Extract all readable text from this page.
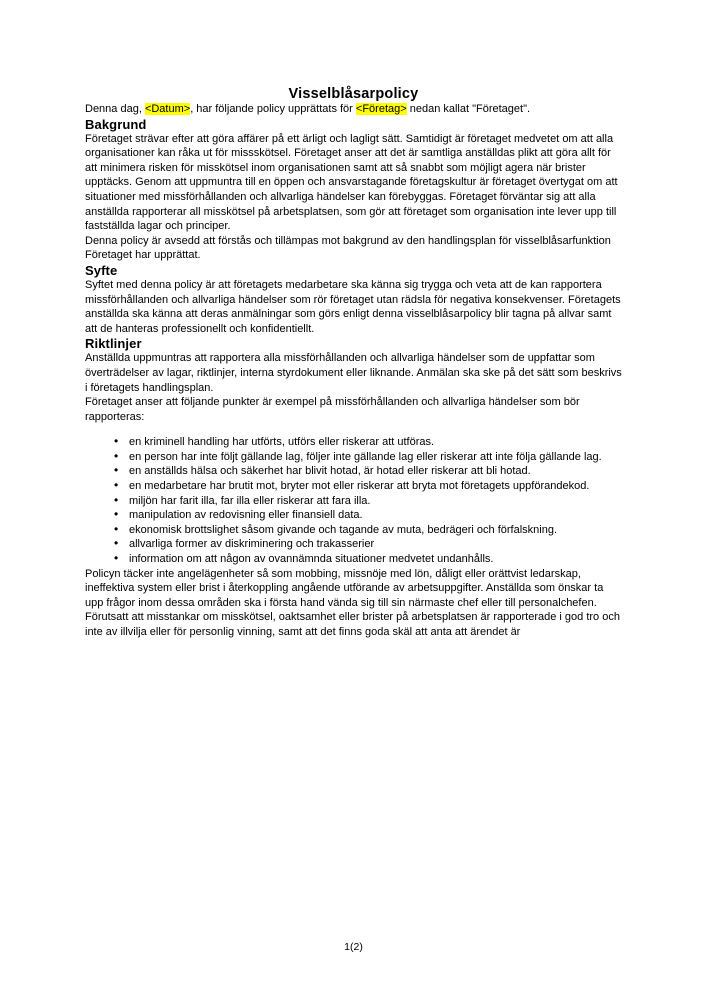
Visselblåsarpolicy

Denna dag, <Datum>, har följande policy upprättats för <Företag> nedan kallat "Företaget".

Bakgrund

Företaget strävar efter att göra affärer på ett ärligt och lagligt sätt. Samtidigt är företaget medvetet om att alla organisationer kan råka ut för missskötsel. Företaget anser att det är samtliga anställdas plikt att göra allt för att minimera risken för misskötsel inom organisationen samt att så snabbt som möjligt agera när brister upptäcks. Genom att uppmuntra till en öppen och ansvarstagande företagskultur är företaget övertygat om att situationer med missförhållanden och allvarliga händelser kan förebyggas. Företaget förväntar sig att alla anställda rapporterar all misskötsel på arbetsplatsen, som gör att företaget som organisation inte lever upp till fastställda lagar och principer.

Denna policy är avsedd att förstås och tillämpas mot bakgrund av den handlingsplan för visselblåsarfunktion Företaget har upprättat.

Syfte

Syftet med denna policy är att företagets medarbetare ska känna sig trygga och veta att de kan rapportera missförhållanden och allvarliga händelser som rör företaget utan rädsla för negativa konsekvenser. Företagets anställda ska känna att deras anmälningar som görs enligt denna visselblåsarpolicy blir tagna på allvar samt att de hanteras professionellt och konfidentiellt.

Riktlinjer

Anställda uppmuntras att rapportera alla missförhållanden och allvarliga händelser som de uppfattar som överträdelser av lagar, riktlinjer, interna styrdokument eller liknande. Anmälan ska ske på det sätt som beskrivs i företagets handlingsplan.

Företaget anser att följande punkter är exempel på missförhållanden och allvarliga händelser som bör rapporteras:

• en kriminell handling har utförts, utförs eller riskerar att utföras.
• en person har inte följt gällande lag, följer inte gällande lag eller riskerar att inte följa gällande lag.
• en anställds hälsa och säkerhet har blivit hotad, är hotad eller riskerar att bli hotad.
• en medarbetare har brutit mot, bryter mot eller riskerar att bryta mot företagets uppförandekod.
• miljön har farit illa, far illa eller riskerar att fara illa.
• manipulation av redovisning eller finansiell data.
• ekonomisk brottslighet såsom givande och tagande av muta, bedrägeri och förfalskning.
• allvarliga former av diskriminering och trakasserier
• information om att någon av ovannämnda situationer medvetet undanhålls.

Policyn täcker inte angelägenheter så som mobbing, missnöje med lön, dåligt eller orättvist ledarskap, ineffektiva system eller brist i återkoppling angående utförande av arbetsuppgifter. Anställda som önskar ta upp frågor inom dessa områden ska i första hand vända sig till sin närmaste chef eller till personalchefen.

Förutsatt att misstankar om misskötsel, oaktsamhet eller brister på arbetsplatsen är rapporterade i god tro och inte av illvilja eller för personlig vinning, samt att det finns goda skäl att anta att ärendet är

1(2)
